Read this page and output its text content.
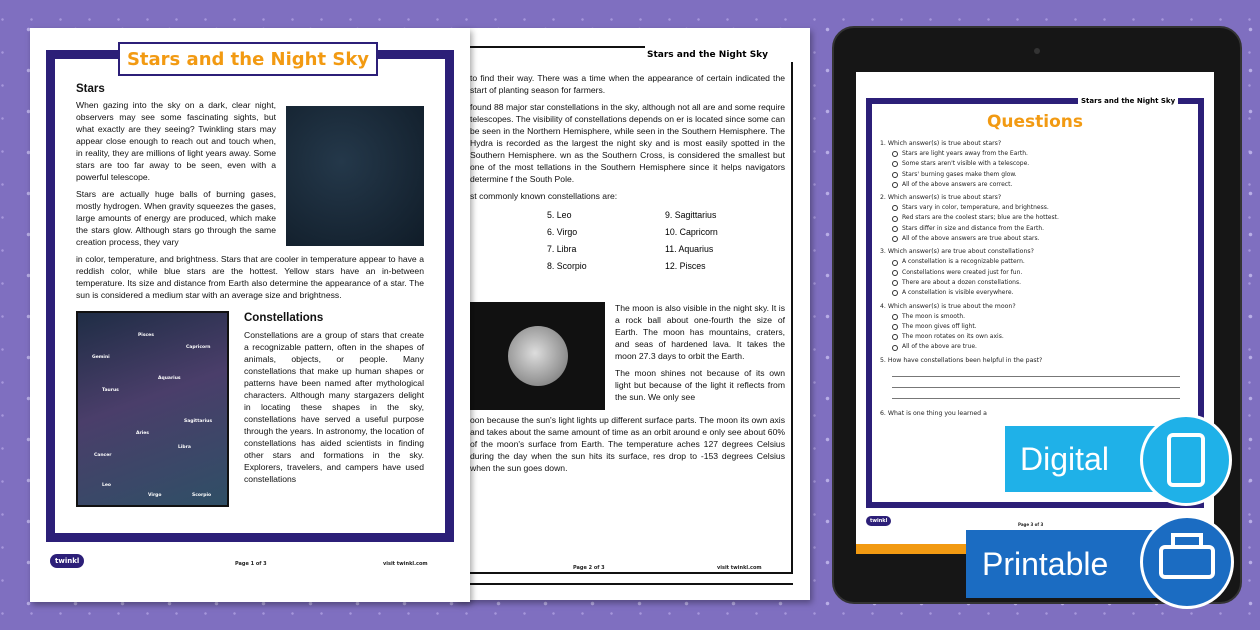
Stars and the Night Sky

to find their way. There was a time when the appearance of certain indicated the start of planting season for farmers.

found 88 major star constellations in the sky, although not all are and some require telescopes. The visibility of constellations depends on er is located since some can be seen in the Northern Hemisphere, while seen in the Southern Hemisphere. The Hydra is recorded as the largest the night sky and is most easily spotted in the Southern Hemisphere. wn as the Southern Cross, is considered the smallest but one of the most tellations in the Southern Hemisphere since it helps navigators determine f the South Pole.

st commonly known constellations are:

5. Leo	9. Sagittarius
6. Virgo	10. Capricorn
7. Libra	11. Aquarius
8. Scorpio	12. Pisces

The moon is also visible in the night sky. It is a rock ball about one-fourth the size of Earth. The moon has mountains, craters, and seas of hardened lava. It takes the moon 27.3 days to orbit the Earth.

The moon shines not because of its own light but because of the light it reflects from the sun. We only see

oon because the sun's light lights up different surface parts. The moon its own axis and takes about the same amount of time as an orbit around e only see about 60% of the moon's surface from Earth. The temperature aches 127 degrees Celsius during the day when the sun hits its surface, res drop to -153 degrees Celsius when the sun goes down.

Page 2 of 3	visit twinkl.com
Stars and the Night Sky
Stars

When gazing into the sky on a dark, clear night, observers may see some fascinating sights, but what exactly are they seeing? Twinkling stars may appear close enough to reach out and touch when, in reality, they are millions of light years away. Some stars are too far away to be seen, even with a powerful telescope.

Stars are actually huge balls of burning gases, mostly hydrogen. When gravity squeezes the gases, large amounts of energy are produced, which make the stars glow. Although stars go through the same creation process, they vary

in color, temperature, and brightness. Stars that are cooler in temperature appear to have a reddish color, while blue stars are the hottest. Yellow stars have an in-between temperature. Its size and distance from Earth also determine the appearance of a star. The sun is considered a medium star with an average size and brightness.

Gemini
Pisces
Capricorn
Aquarius
Taurus
Sagittarius
Aries
Libra
Cancer
Leo
Virgo	Scorpio
Constellations

Constellations are a group of stars that create a recognizable pattern, often in the shapes of animals, objects, or people. Many constellations that make up human shapes or patterns have been named after mythological characters. Although many stargazers delight in locating these shapes in the sky, constellations have served a useful purpose through the years. In astronomy, the location of constellations has aided scientists in finding other stars and formations in the sky. Explorers, travelers, and campers have used constellations

twinkl	Page 1 of 3	visit twinkl.com
Stars and the Night Sky
Questions
1. Which answer(s) is true about stars?
Stars are light years away from the Earth.
Some stars aren't visible with a telescope.
Stars' burning gases make them glow.
All of the above answers are correct.
2. Which answer(s) is true about stars?
Stars vary in color, temperature, and brightness.
Red stars are the coolest stars; blue are the hottest.
Stars differ in size and distance from the Earth.
All of the above answers are true about stars.
3. Which answer(s) are true about constellations?
A constellation is a recognizable pattern.
Constellations were created just for fun.
There are about a dozen constellations.
A constellation is visible everywhere.
4. Which answer(s) is true about the moon?
The moon is smooth.
The moon gives off light.
The moon rotates on its own axis.
All of the above are true.
5. How have constellations been helpful in the past?
6. What is one thing you learned a
twinkl
Page 3 of 3
Digital
Printable
